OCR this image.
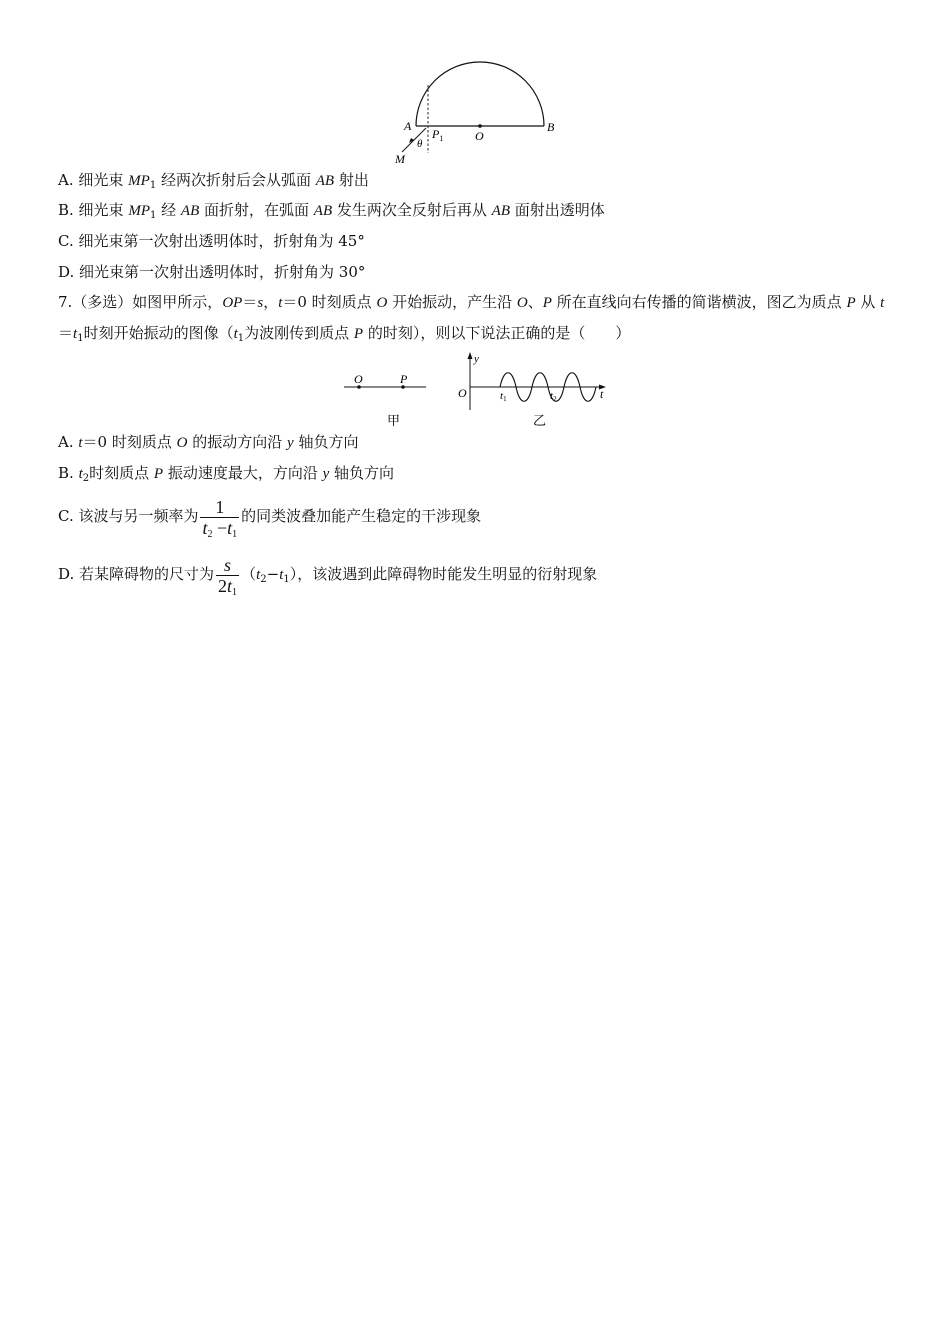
A	B
O
$P_1$
θ
M
A. 细光束 $MP_1$ 经两次折射后会从弧面 AB 射出
B. 细光束 $MP_1$ 经 AB 面折射，在弧面 AB 发生两次全反射后再从 AB 面射出透明体
C. 细光束第一次射出透明体时，折射角为 45°
D. 细光束第一次射出透明体时，折射角为 30°
7.（多选）如图甲所示，OP＝s，t＝0 时刻质点 O 开始振动，产生沿 O、P 所在直线向右传播的简谐横波，图乙为质点 P 从 $t=t_1$时刻开始振动的图像（$t_1$为波刚传到质点 P 的时刻），则以下说法正确的是（　　）
O	P
甲
y
O	t1	t2	t
乙
A. t＝0 时刻质点 O 的振动方向沿 y 轴负方向
B. $t_2$时刻质点 P 振动速度最大，方向沿 y 轴负方向
C. 该波与另一频率为 $\frac{1}{t_2 -t_1}$ 的同类波叠加能产生稳定的干涉现象
D. 若某障碍物的尺寸为 $\frac{s}{2t_1} (t_2-t_1)$，该波遇到此障碍物时能发生明显的衍射现象
